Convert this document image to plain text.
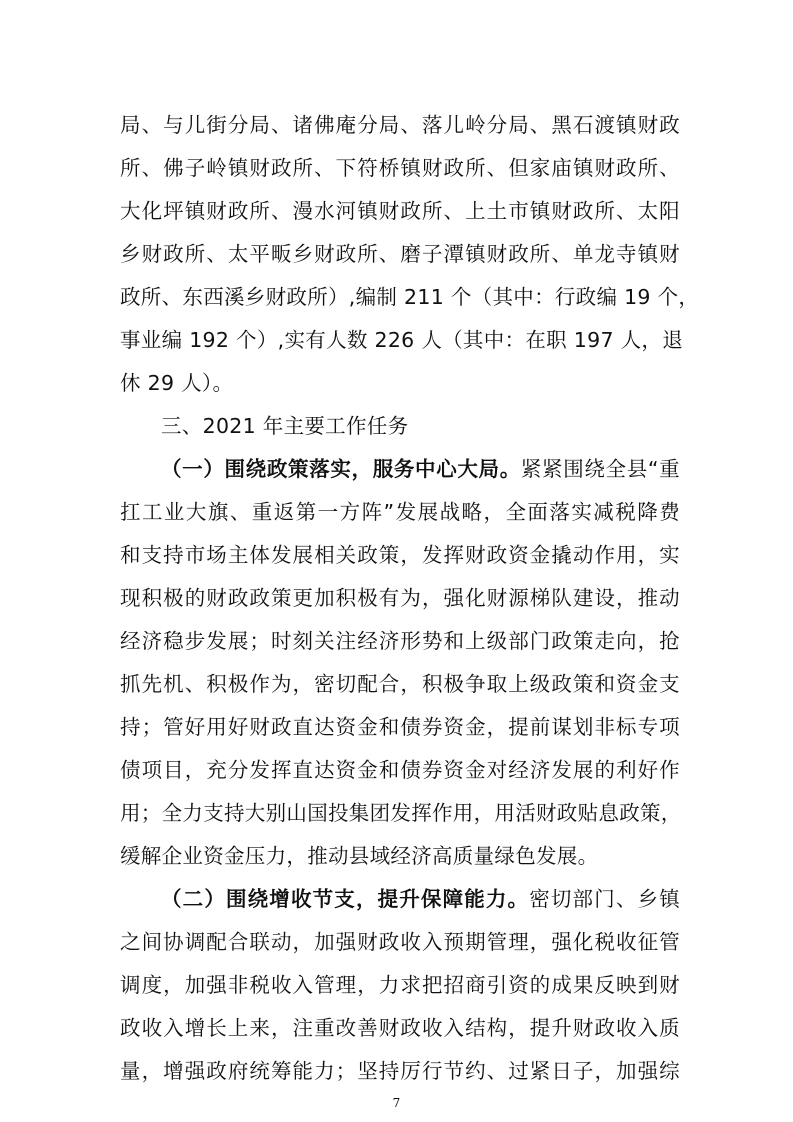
局、与儿街分局、诸佛庵分局、落儿岭分局、黑石渡镇财政
所、佛子岭镇财政所、下符桥镇财政所、但家庙镇财政所、
大化坪镇财政所、漫水河镇财政所、上土市镇财政所、太阳
乡财政所、太平畈乡财政所、磨子潭镇财政所、单龙寺镇财
政所、东西溪乡财政所）,编制 211 个（其中：行政编 19 个，
事业编 192 个）,实有人数 226 人（其中：在职 197 人，退
休 29 人）。
三、2021 年主要工作任务
（一）围绕政策落实，服务中心大局。紧紧围绕全县“重
扛工业大旗、重返第一方阵”发展战略，全面落实减税降费
和支持市场主体发展相关政策，发挥财政资金撬动作用，实
现积极的财政政策更加积极有为，强化财源梯队建设，推动
经济稳步发展；时刻关注经济形势和上级部门政策走向，抢
抓先机、积极作为，密切配合，积极争取上级政策和资金支
持；管好用好财政直达资金和债券资金，提前谋划非标专项
债项目，充分发挥直达资金和债券资金对经济发展的利好作
用；全力支持大别山国投集团发挥作用，用活财政贴息政策，
缓解企业资金压力，推动县域经济高质量绿色发展。
（二）围绕增收节支，提升保障能力。密切部门、乡镇
之间协调配合联动，加强财政收入预期管理，强化税收征管
调度，加强非税收入管理，力求把招商引资的成果反映到财
政收入增长上来，注重改善财政收入结构，提升财政收入质
量，增强政府统筹能力；坚持厉行节约、过紧日子，加强综
7
